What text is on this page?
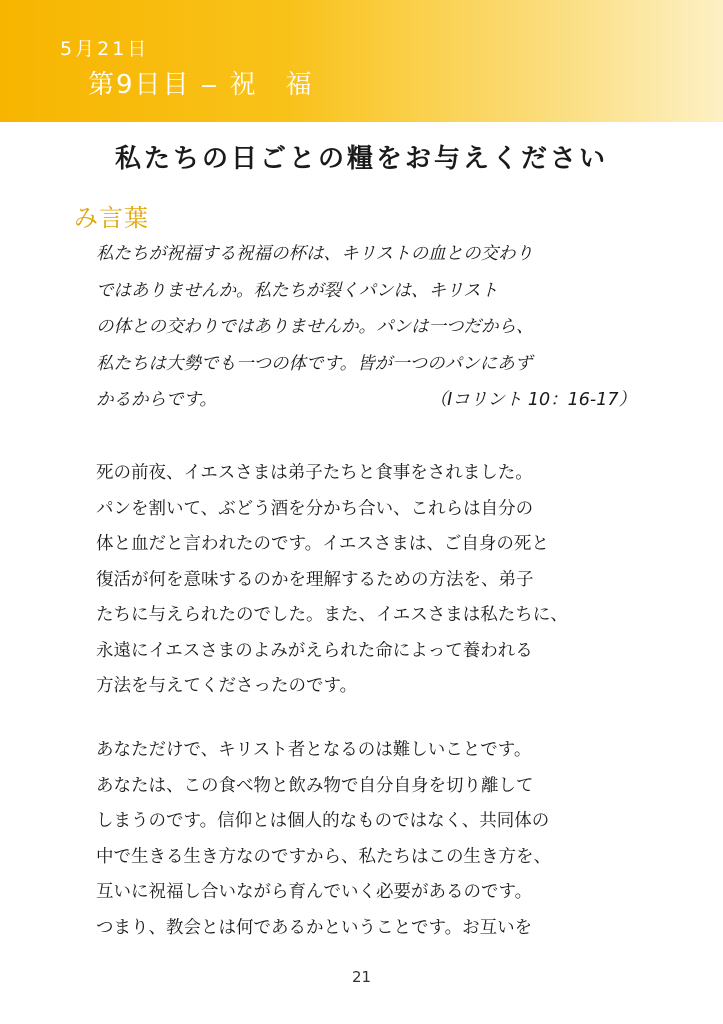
5月21日
第9日目 ‒ 祝　福
私たちの日ごとの糧をお与えください
み言葉
私たちが祝福する祝福の杯は、キリストの血との交わり
ではありませんか。私たちが裂くパンは、キリスト
の体との交わりではありませんか。パンは一つだから、
私たちは大勢でも一つの体です。皆が一つのパンにあず
かるからです。	（Iコリント 10：16-17）
死の前夜、イエスさまは弟子たちと食事をされました。
パンを割いて、ぶどう酒を分かち合い、これらは自分の
体と血だと言われたのです。イエスさまは、ご自身の死と
復活が何を意味するのかを理解するための方法を、弟子
たちに与えられたのでした。また、イエスさまは私たちに、
永遠にイエスさまのよみがえられた命によって養われる
方法を与えてくださったのです。
あなただけで、キリスト者となるのは難しいことです。
あなたは、この食べ物と飲み物で自分自身を切り離して
しまうのです。信仰とは個人的なものではなく、共同体の
中で生きる生き方なのですから、私たちはこの生き方を、
互いに祝福し合いながら育んでいく必要があるのです。
つまり、教会とは何であるかということです。お互いを
21
